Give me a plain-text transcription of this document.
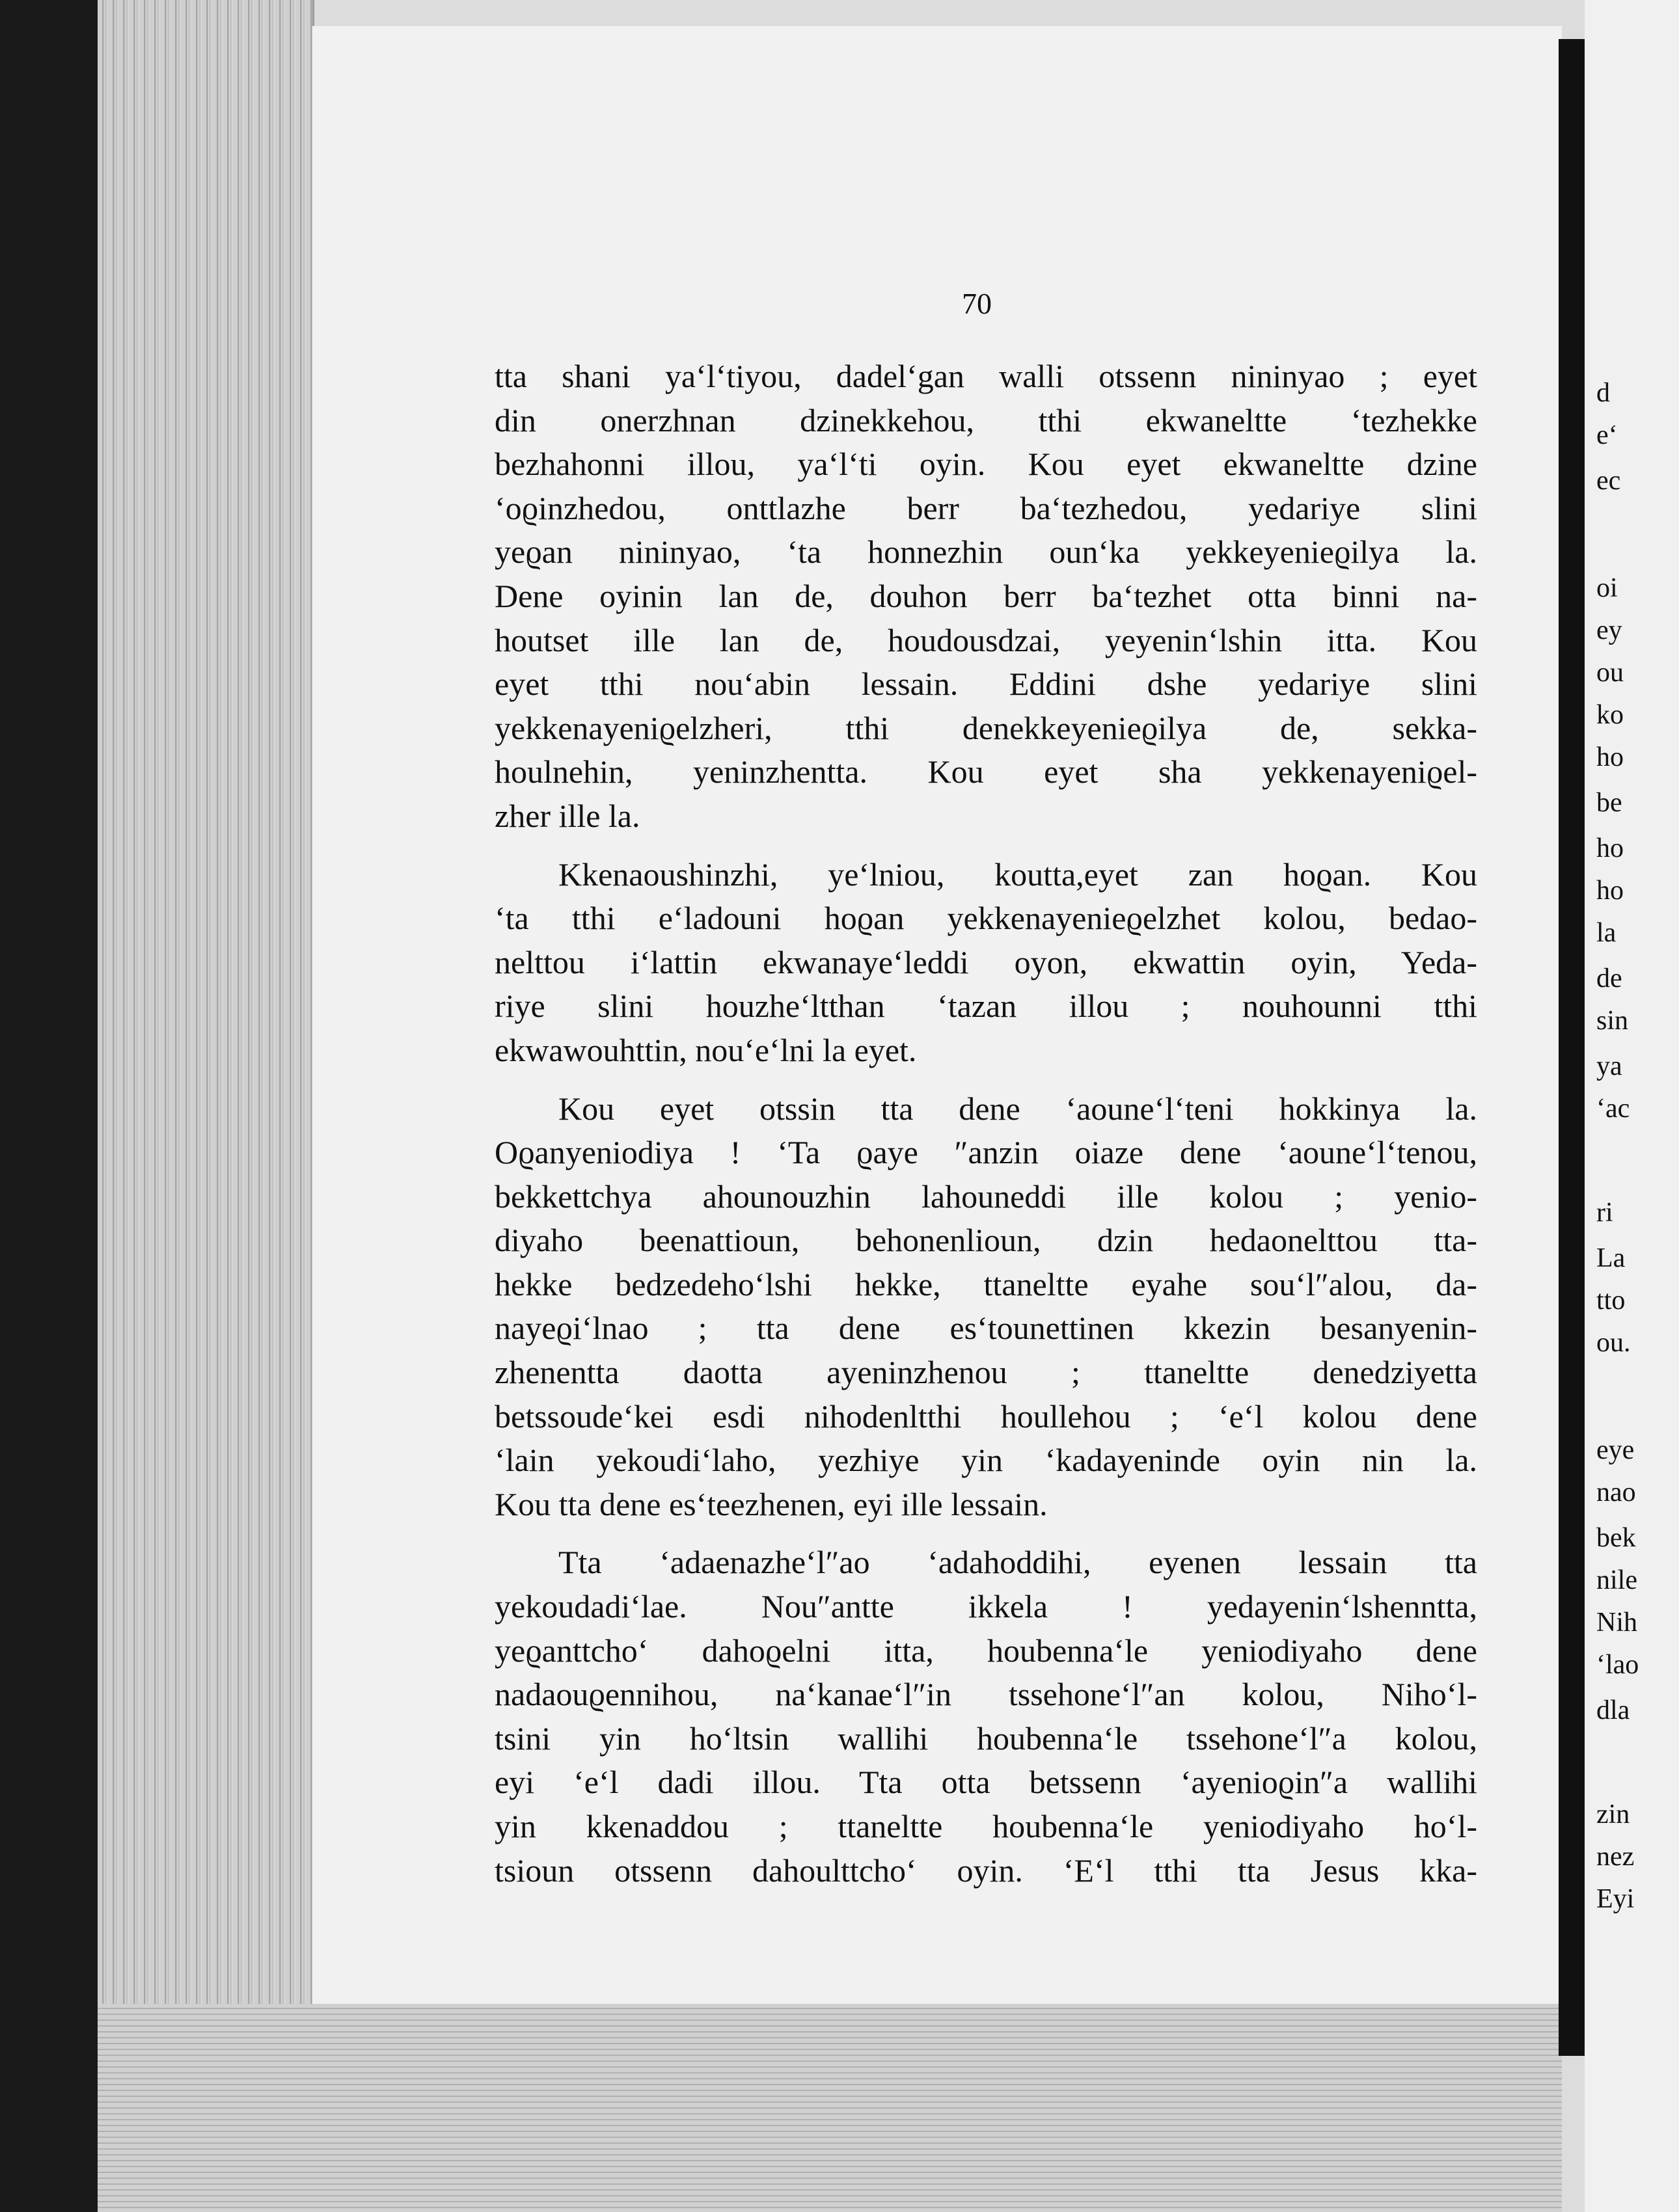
70

tta shani ya‘l‘tiyou, dadel‘gan walli otssenn nininyao ; eyet

din onerzhnan dzinekkehou, tthi ekwaneltte ‘tezhekke

bezhahonni illou, ya‘l‘ti oyin. Kou eyet ekwaneltte dzine

‘oϱinzhedou, onttlazhe berr ba‘tezhedou, yedariye slini

yeϱan nininyao, ‘ta honnezhin oun‘ka yekkeyenieϱilya la.

Dene oyinin lan de, douhon berr ba‘tezhet otta binni na-

houtset ille lan de, houdousdzai, yeyenin‘lshin itta. Kou

eyet tthi nou‘abin lessain. Eddini dshe yedariye slini

yekkenayeniϱelzheri, tthi denekkeyenieϱilya de, sekka-

houlnehin, yeninzhentta. Kou eyet sha yekkenayeniϱel-

zher ille la.

Kkenaoushinzhi, ye‘lniou, koutta,eyet zan hoϱan. Kou

‘ta tthi e‘ladouni hoϱan yekkenayenieϱelzhet kolou, bedao-

nelttou i‘lattin ekwanaye‘leddi oyon, ekwattin oyin, Yeda-

riye slini houzhe‘ltthan ‘tazan illou ; nouhounni tthi

ekwawouhttin, nou‘e‘lni la eyet.

Kou eyet otssin tta dene ‘aoune‘l‘teni hokkinya la.

Oϱanyeniodiya ! ‘Ta ϱaye ″anzin oiaze dene ‘aoune‘l‘tenou,

bekkettchya ahounouzhin lahouneddi ille kolou ; yenio-

diyaho beenattioun, behonenlioun, dzin hedaonelttou tta-

hekke bedzedeho‘lshi hekke, ttaneltte eyahe sou‘l″alou, da-

nayeϱi‘lnao ; tta dene es‘tounettinen kkezin besanyenin-

zhenentta daotta ayeninzhenou ; ttaneltte denedziyetta

betssoude‘kei esdi nihodenltthi houllehou ; ‘e‘l kolou dene

‘lain yekoudi‘laho, yezhiye yin ‘kadayeninde oyin nin la.

Kou tta dene es‘teezhenen, eyi ille lessain.

Tta ‘adaenazhe‘l″ao ‘adahoddihi, eyenen lessain tta

yekoudadi‘lae. Nou″antte ikkela ! yedayenin‘lshenntta,

yeϱanttcho‘ dahoϱelni itta, houbenna‘le yeniodiyaho dene

nadaouϱennihou, na‘kanae‘l″in tssehone‘l″an kolou, Niho‘l-

tsini yin ho‘ltsin wallihi houbenna‘le tssehone‘l″a kolou,

eyi ‘e‘l dadi illou. Tta otta betssenn ‘ayenioϱin″a wallihi

yin kkenaddou ; ttaneltte houbenna‘le yeniodiyaho ho‘l-

tsioun otssenn dahoulttcho‘ oyin. ‘E‘l tthi tta Jesus kka-

d
e‘
ec
oi
ey
ou
ko
ho
be
ho
ho
la
de
sin
ya
‘ac
ri
La
tto
ou.
eye
nao
bek
nile
Nih
‘lao
dla
zin
nez
Eyi
